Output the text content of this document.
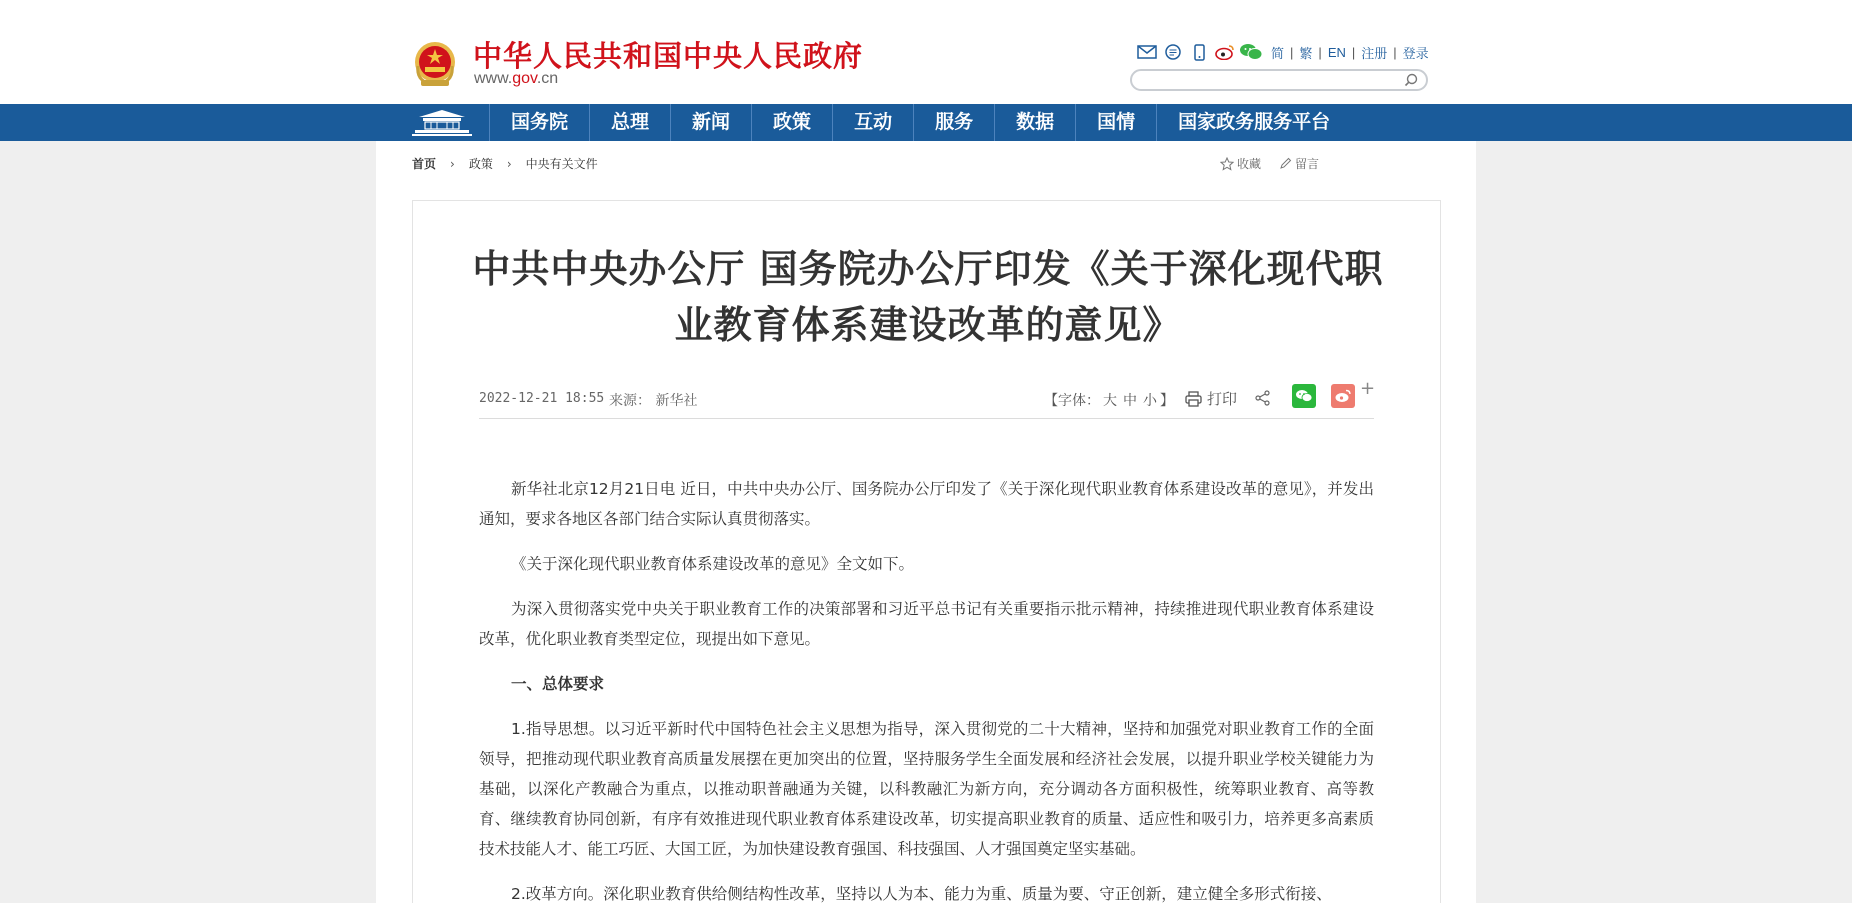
中华人民共和国中央人民政府
www.gov.cn
简 | 繁 | EN | 注册 | 登录
国务院	总理	新闻	政策	互动	服务	数据	国情	国家政务服务平台
首页 › 政策 › 中央有关文件	收藏	留言
中共中央办公厅 国务院办公厅印发《关于深化现代职业教育体系建设改革的意见》
2022-12-21 18:55 来源： 新华社	【字体： 大 中 小 】 打印	+

新华社北京12月21日电 近日，中共中央办公厅、国务院办公厅印发了《关于深化现代职业教育体系建设改革的意见》，并发出通知，要求各地区各部门结合实际认真贯彻落实。

《关于深化现代职业教育体系建设改革的意见》全文如下。

为深入贯彻落实党中央关于职业教育工作的决策部署和习近平总书记有关重要指示批示精神，持续推进现代职业教育体系建设改革，优化职业教育类型定位，现提出如下意见。

一、总体要求

1.指导思想。以习近平新时代中国特色社会主义思想为指导，深入贯彻党的二十大精神，坚持和加强党对职业教育工作的全面领导，把推动现代职业教育高质量发展摆在更加突出的位置，坚持服务学生全面发展和经济社会发展，以提升职业学校关键能力为基础，以深化产教融合为重点，以推动职普融通为关键，以科教融汇为新方向，充分调动各方面积极性，统筹职业教育、高等教育、继续教育协同创新，有序有效推进现代职业教育体系建设改革，切实提高职业教育的质量、适应性和吸引力，培养更多高素质技术技能人才、能工巧匠、大国工匠，为加快建设教育强国、科技强国、人才强国奠定坚实基础。

2.改革方向。深化职业教育供给侧结构性改革，坚持以人为本、能力为重、质量为要、守正创新，建立健全多形式衔接、
